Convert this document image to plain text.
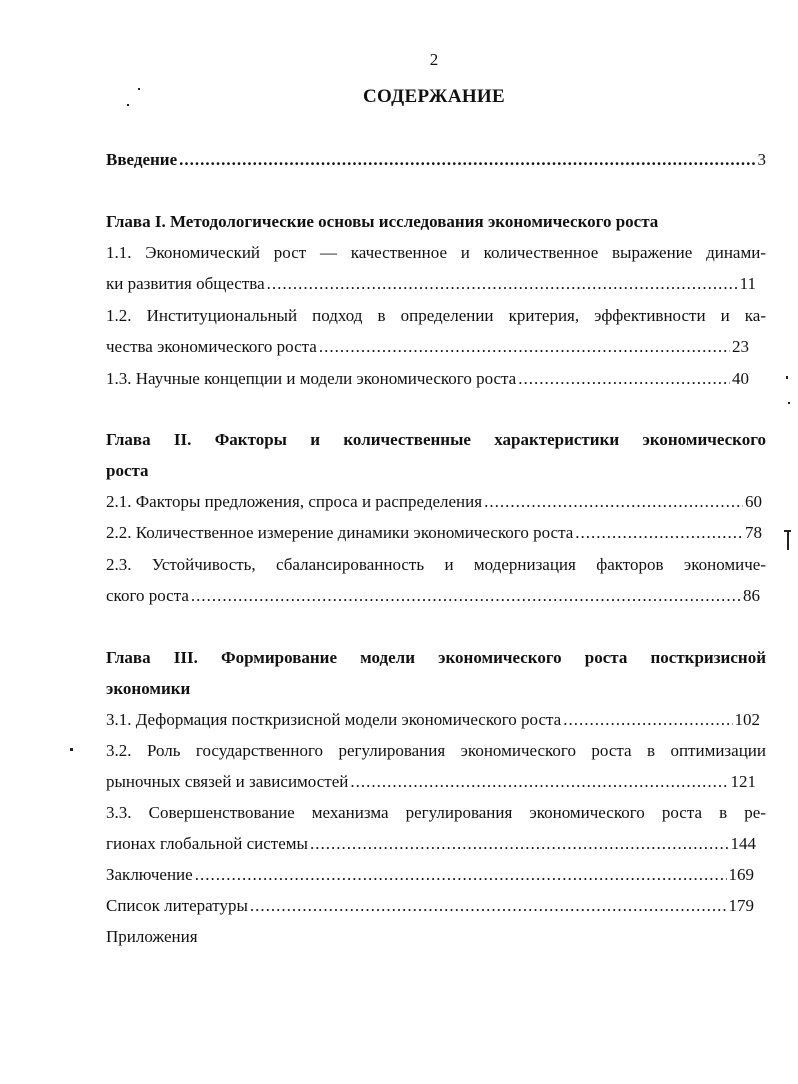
2
СОДЕРЖАНИЕ
Введение .....	3
Глава I. Методологические основы исследования экономического роста
1.1. Экономический рост — качественное и количественное выражение динами-
ки развития общества .....	11
1.2. Институциональный подход в определении критерия, эффективности и ка-
чества экономического роста .....	23
1.3. Научные концепции и модели экономического роста .....	40
Глава II. Факторы и количественные характеристики экономического
роста
2.1. Факторы предложения, спроса и распределения .....	60
2.2. Количественное измерение динамики экономического роста .....	78
2.3. Устойчивость, сбалансированность и модернизация факторов экономиче-
ского роста .....	86
Глава III. Формирование модели экономического роста посткризисной
экономики
3.1. Деформация посткризисной модели экономического роста .....	102
3.2. Роль государственного регулирования экономического роста в оптимизации
рыночных связей и зависимостей .....	121
3.3. Совершенствование механизма регулирования экономического роста в ре-
гионах глобальной системы .....	144
Заключение .....	169
Список литературы .....	179
Приложения
